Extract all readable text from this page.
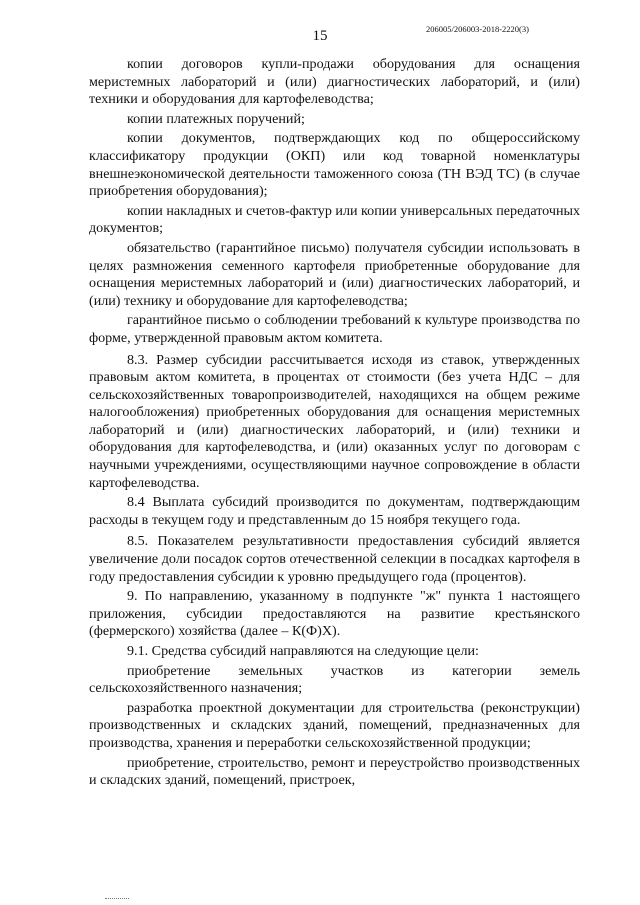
15	206005/206003-2018-2220(3)

копии договоров купли-продажи оборудования для оснащения меристемных лабораторий и (или) диагностических лабораторий, и (или) техники и оборудования для картофелеводства;

копии платежных поручений;

копии документов, подтверждающих код по общероссийскому классификатору продукции (ОКП) или код товарной номенклатуры внешнеэкономической деятельности таможенного союза (ТН ВЭД ТС) (в случае приобретения оборудования);

копии накладных и счетов-фактур или копии универсальных передаточных документов;

обязательство (гарантийное письмо) получателя субсидии использовать в целях размножения семенного картофеля приобретенные оборудование для оснащения меристемных лабораторий и (или) диагностических лабораторий, и (или) технику и оборудование для картофелеводства;

гарантийное письмо о соблюдении требований к культуре производства по форме, утвержденной правовым актом комитета.

8.3. Размер субсидии рассчитывается исходя из ставок, утвержденных правовым актом комитета, в процентах от стоимости (без учета НДС – для сельскохозяйственных товаропроизводителей, находящихся на общем режиме налогообложения) приобретенных оборудования для оснащения меристемных лабораторий и (или) диагностических лабораторий, и (или) техники и оборудования для картофелеводства, и (или) оказанных услуг по договорам с научными учреждениями, осуществляющими научное сопровождение в области картофелеводства.

8.4 Выплата субсидий производится по документам, подтверждающим расходы в текущем году и представленным до 15 ноября текущего года.

8.5. Показателем результативности предоставления субсидий является увеличение доли посадок сортов отечественной селекции в посадках картофеля в году предоставления субсидии к уровню предыдущего года (процентов).

9. По направлению, указанному в подпункте "ж" пункта 1 настоящего приложения, субсидии предоставляются на развитие крестьянского (фермерского) хозяйства (далее – К(Ф)Х).

9.1. Средства субсидий направляются на следующие цели:

приобретение земельных участков из категории земель сельскохозяйственного назначения;

разработка проектной документации для строительства (реконструкции) производственных и складских зданий, помещений, предназначенных для производства, хранения и переработки сельскохозяйственной продукции;

приобретение, строительство, ремонт и переустройство производственных и складских зданий, помещений, пристроек,
